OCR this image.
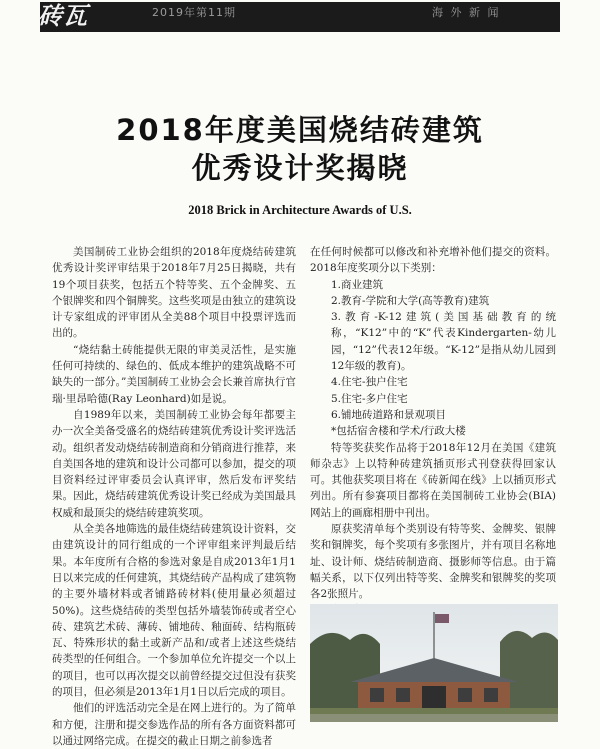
砖瓦	2019年第11期	海 外 新 闻
2018年度美国烧结砖建筑
优秀设计奖揭晓
2018 Brick in Architecture Awards of U.S.

美国制砖工业协会组织的2018年度烧结砖建筑优秀设计奖评审结果于2018年7月25日揭晓，共有19个项目获奖，包括五个特等奖、五个金牌奖、五个银牌奖和四个铜牌奖。这些奖项是由独立的建筑设计专家组成的评审团从全美88个项目中投票评选而出的。

“烧结黏土砖能提供无限的审美灵活性，是实施任何可持续的、绿色的、低成本维护的建筑战略不可缺失的一部分。”美国制砖工业协会会长兼首席执行官瑞·里昂哈德(Ray Leonhard)如是说。

自1989年以来，美国制砖工业协会每年都要主办一次全美备受盛名的烧结砖建筑优秀设计奖评选活动。组织者发动烧结砖制造商和分销商进行推荐，来自美国各地的建筑和设计公司都可以参加，提交的项目资料经过评审委员会认真评审，然后发布评奖结果。因此，烧结砖建筑优秀设计奖已经成为美国最具权威和最顶尖的烧结砖建筑奖项。

从全美各地筛选的最佳烧结砖建筑设计资料，交由建筑设计的同行组成的一个评审组来评判最后结果。本年度所有合格的参选对象是自成2013年1月1日以来完成的任何建筑，其烧结砖产品构成了建筑物的主要外墙材料或者铺路砖材料(使用量必须超过50%)。这些烧结砖的类型包括外墙装饰砖或者空心砖、建筑艺术砖、薄砖、铺地砖、釉面砖、结构瓶砖瓦、特殊形状的黏土或新产品和/或者上述这些烧结砖类型的任何组合。一个参加单位允许提交一个以上的项目，也可以再次提交以前曾经提交过但没有获奖的项目，但必须是2013年1月1日以后完成的项目。

他们的评选活动完全是在网上进行的。为了简单和方便，注册和提交参选作品的所有各方面资料都可以通过网络完成。在提交的截止日期之前参选者

在任何时候都可以修改和补充增补他们提交的资料。2018年度奖项分以下类别：

1.商业建筑

2.教育-学院和大学(高等教育)建筑

3.教育-K-12建筑(美国基础教育的统称，“K12”中的“K”代表Kindergarten-幼儿园，“12”代表12年级。“K-12”是指从幼儿园到12年级的教育)。

4.住宅-独户住宅

5.住宅-多户住宅

6.铺地砖道路和景观项目

*包括宿舍楼和学术/行政大楼

特等奖获奖作品将于2018年12月在美国《建筑师杂志》上以特种砖建筑插页形式刊登获得回家认可。其他获奖项目将在《砖新闻在线》上以插页形式列出。所有参赛项目都将在美国制砖工业协会(BIA)网站上的画廊相册中刊出。

原获奖清单每个类别设有特等奖、金牌奖、银牌奖和铜牌奖，每个奖项有多张图片，并有项目名称地址、设计师、烧结砖制造商、摄影师等信息。由于篇幅关系，以下仅列出特等奖、金牌奖和银牌奖的奖项各2张照片。
